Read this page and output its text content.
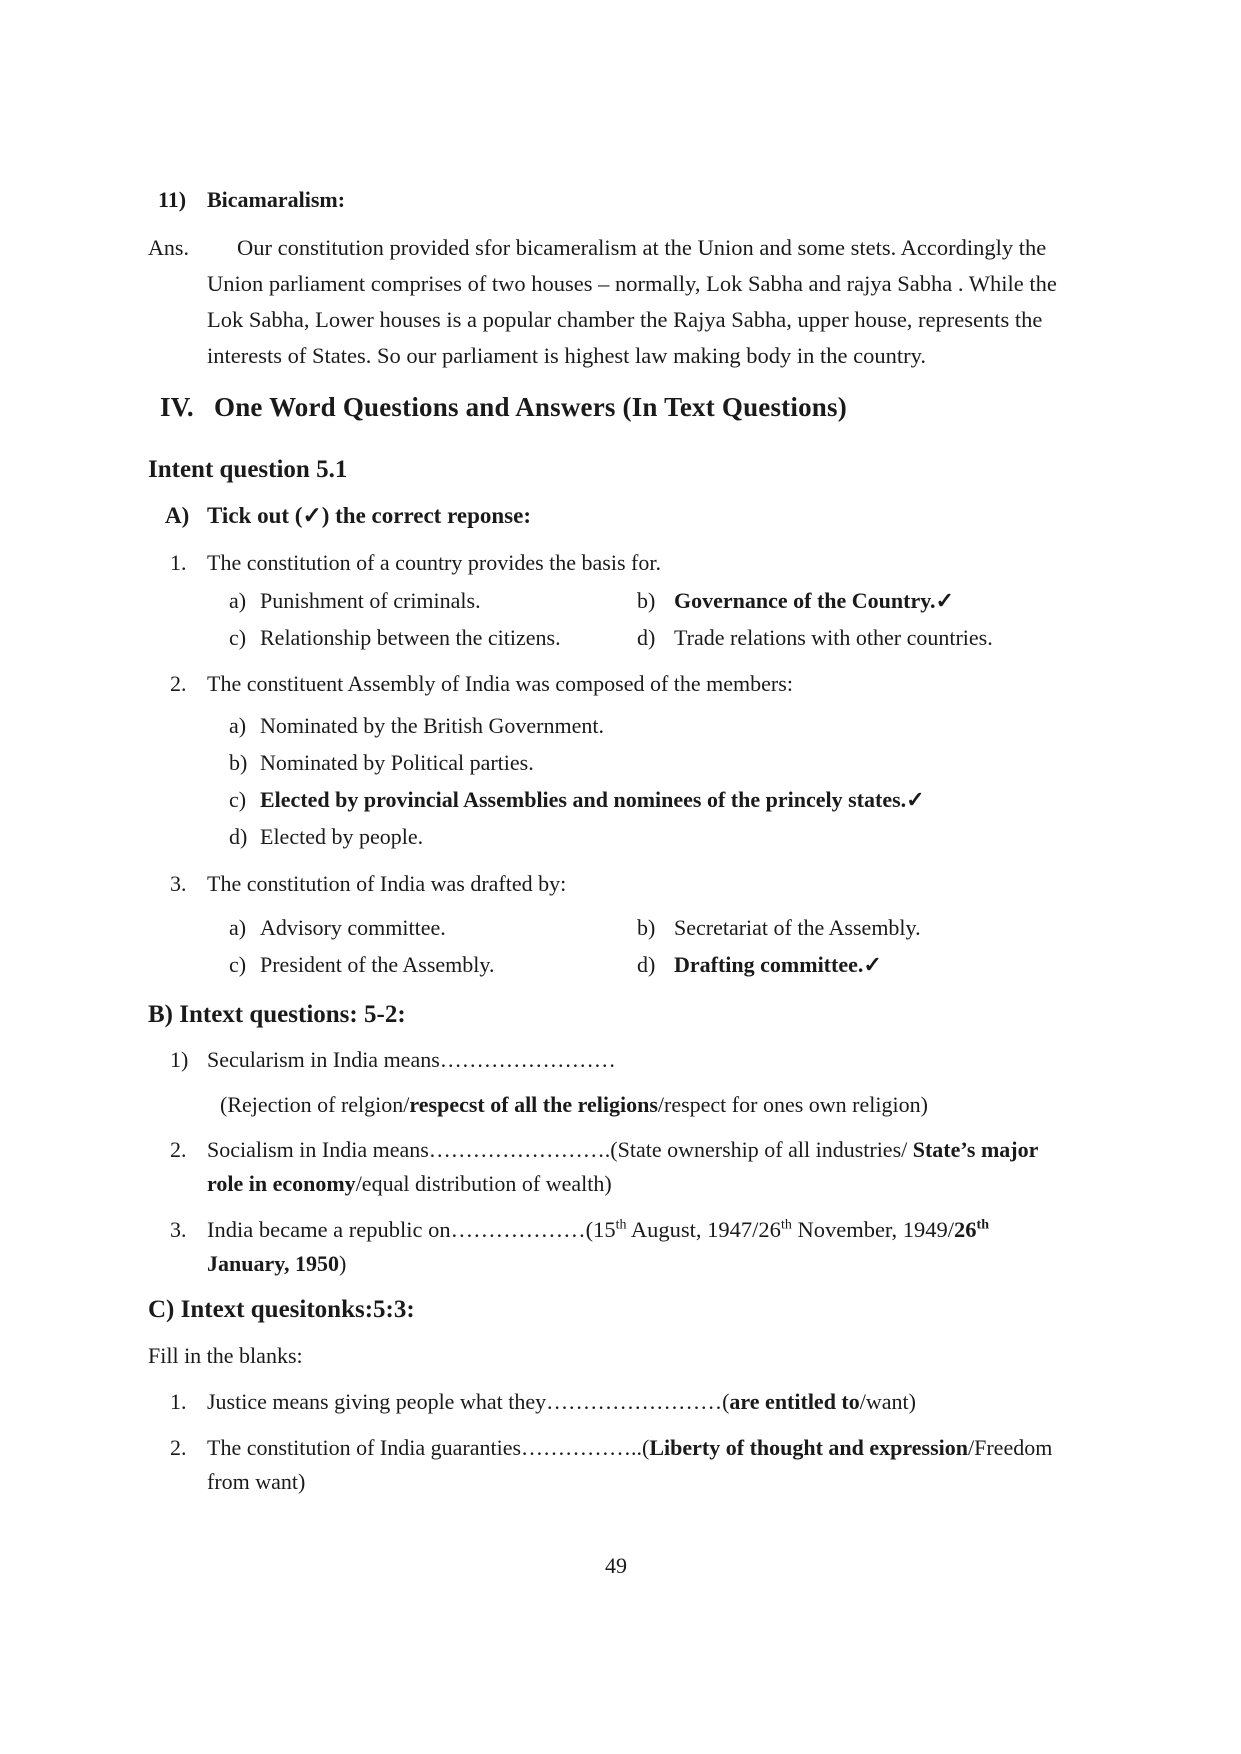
11) Bicamaralism:
Ans. Our constitution provided sfor bicameralism at the Union and some stets. Accordingly the
Union parliament comprises of two houses – normally, Lok Sabha and rajya Sabha . While the
Lok Sabha, Lower houses is a popular chamber the Rajya Sabha, upper house, represents the
interests of States. So our parliament is highest law making body in the country.
IV. One Word Questions and Answers (In Text Questions)
Intent question 5.1
A) Tick out (✓) the correct reponse:
1. The constitution of a country provides the basis for.
a) Punishment of criminals.	b) Governance of the Country.✓
c) Relationship between the citizens.	d) Trade relations with other countries.
2. The constituent Assembly of India was composed of the members:
a) Nominated by the British Government.
b) Nominated by Political parties.
c) Elected by provincial Assemblies and nominees of the princely states.✓
d) Elected by people.
3. The constitution of India was drafted by:
a) Advisory committee.	b) Secretariat of the Assembly.
c) President of the Assembly.	d) Drafting committee.✓
B) Intext questions: 5-2:
1) Secularism in India means……………………
(Rejection of relgion/respecst of all the religions/respect for ones own religion)
2. Socialism in India means…………………….(State ownership of all industries/ State’s major
role in economy/equal distribution of wealth)
3. India became a republic on………………(15th August, 1947/26th November, 1949/26th
January, 1950)
C) Intext quesitonks:5:3:
Fill in the blanks:
1. Justice means giving people what they……………………(are entitled to/want)
2. The constitution of India guaranties……………..(Liberty of thought and expression/Freedom
from want)
49
